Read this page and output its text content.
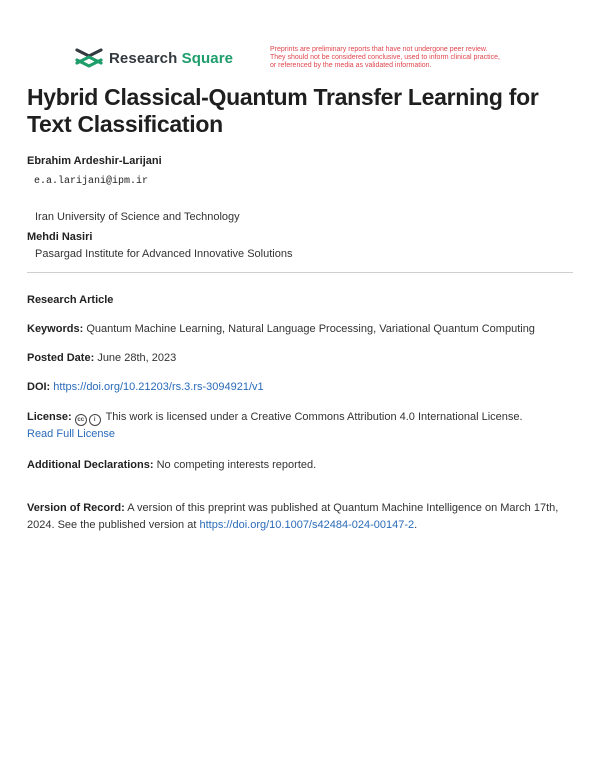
Research Square	Preprints are preliminary reports that have not undergone peer review.
They should not be considered conclusive, used to inform clinical practice,
or referenced by the media as validated information.
Hybrid Classical-Quantum Transfer Learning for Text Classification
Ebrahim Ardeshir-Larijani
e.a.larijani@ipm.ir
Iran University of Science and Technology
Mehdi Nasiri
Pasargad Institute for Advanced Innovative Solutions
Research Article
Keywords: Quantum Machine Learning, Natural Language Processing, Variational Quantum Computing
Posted Date: June 28th, 2023
DOI: https://doi.org/10.21203/rs.3.rs-3094921/v1
License: cc i This work is licensed under a Creative Commons Attribution 4.0 International License.
Read Full License
Additional Declarations: No competing interests reported.
Version of Record: A version of this preprint was published at Quantum Machine Intelligence on March 17th, 2024. See the published version at https://doi.org/10.1007/s42484-024-00147-2.
